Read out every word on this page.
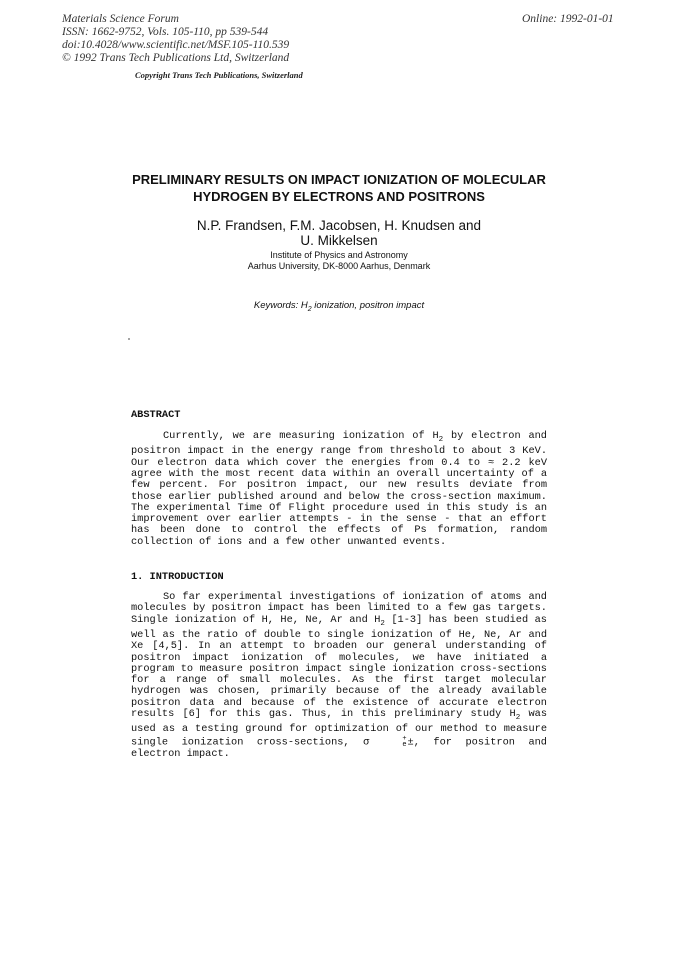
Materials Science Forum
ISSN: 1662-9752, Vols. 105-110, pp 539-544
doi:10.4028/www.scientific.net/MSF.105-110.539
© 1992 Trans Tech Publications Ltd, Switzerland
Online: 1992-01-01
Copyright Trans Tech Publications, Switzerland
PRELIMINARY RESULTS ON IMPACT IONIZATION OF MOLECULAR
HYDROGEN BY ELECTRONS AND POSITRONS
N.P. Frandsen, F.M. Jacobsen, H. Knudsen and
U. Mikkelsen
Institute of Physics and Astronomy
Aarhus University, DK-8000 Aarhus, Denmark
Keywords: $H_2$ ionization, positron impact
ABSTRACT

Currently, we are measuring ionization of $H_2$ by electron and positron impact in the energy range from threshold to about 3 KeV. Our electron data which cover the energies from 0.4 to ≈ 2.2 keV agree with the most recent data within an overall uncertainty of a few percent. For positron impact, our new results deviate from those earlier published around and below the cross-section maximum. The experimental Time Of Flight procedure used in this study is an improvement over earlier attempts - in the sense - that an effort has been done to control the effects of Ps formation, random collection of ions and a few other unwanted events.

1. INTRODUCTION

So far experimental investigations of ionization of atoms and molecules by positron impact has been limited to a few gas targets. Single ionization of H, He, Ne, Ar and $H_2$ [1-3] has been studied as well as the ratio of double to single ionization of He, Ne, Ar and Xe [4,5]. In an attempt to broaden our general understanding of positron impact ionization of molecules, we have initiated a program to measure positron impact single ionization cross-sections for a range of small molecules. As the first target molecular hydrogen was chosen, primarily because of the already available positron data and because of the existence of accurate electron results [6] for this gas. Thus, in this preliminary study $H_2$ was used as a testing ground for optimization of our method to measure single ionization cross-sections, σ	+
e ±, for positron and electron impact.
